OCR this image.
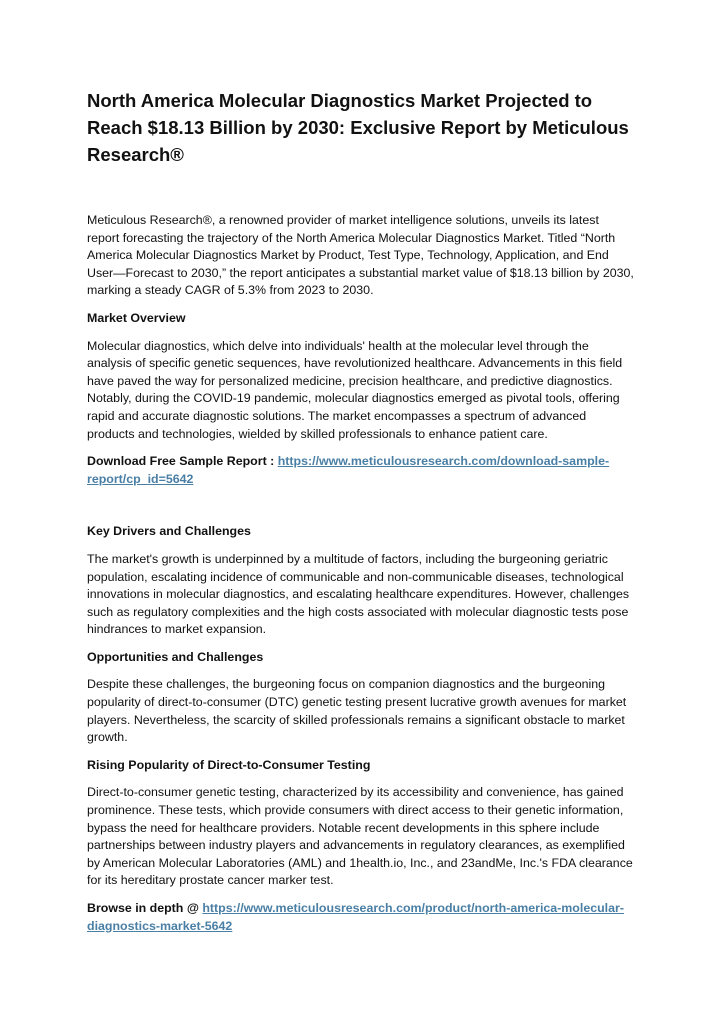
North America Molecular Diagnostics Market Projected to Reach $18.13 Billion by 2030: Exclusive Report by Meticulous Research®

Meticulous Research®, a renowned provider of market intelligence solutions, unveils its latest report forecasting the trajectory of the North America Molecular Diagnostics Market. Titled “North America Molecular Diagnostics Market by Product, Test Type, Technology, Application, and End User—Forecast to 2030,” the report anticipates a substantial market value of $18.13 billion by 2030, marking a steady CAGR of 5.3% from 2023 to 2030.

Market Overview

Molecular diagnostics, which delve into individuals' health at the molecular level through the analysis of specific genetic sequences, have revolutionized healthcare. Advancements in this field have paved the way for personalized medicine, precision healthcare, and predictive diagnostics. Notably, during the COVID-19 pandemic, molecular diagnostics emerged as pivotal tools, offering rapid and accurate diagnostic solutions. The market encompasses a spectrum of advanced products and technologies, wielded by skilled professionals to enhance patient care.

Download Free Sample Report : https://www.meticulousresearch.com/download-sample-report/cp_id=5642

Key Drivers and Challenges

The market's growth is underpinned by a multitude of factors, including the burgeoning geriatric population, escalating incidence of communicable and non-communicable diseases, technological innovations in molecular diagnostics, and escalating healthcare expenditures. However, challenges such as regulatory complexities and the high costs associated with molecular diagnostic tests pose hindrances to market expansion.

Opportunities and Challenges

Despite these challenges, the burgeoning focus on companion diagnostics and the burgeoning popularity of direct-to-consumer (DTC) genetic testing present lucrative growth avenues for market players. Nevertheless, the scarcity of skilled professionals remains a significant obstacle to market growth.

Rising Popularity of Direct-to-Consumer Testing

Direct-to-consumer genetic testing, characterized by its accessibility and convenience, has gained prominence. These tests, which provide consumers with direct access to their genetic information, bypass the need for healthcare providers. Notable recent developments in this sphere include partnerships between industry players and advancements in regulatory clearances, as exemplified by American Molecular Laboratories (AML) and 1health.io, Inc., and 23andMe, Inc.'s FDA clearance for its hereditary prostate cancer marker test.

Browse in depth @ https://www.meticulousresearch.com/product/north-america-molecular-diagnostics-market-5642
